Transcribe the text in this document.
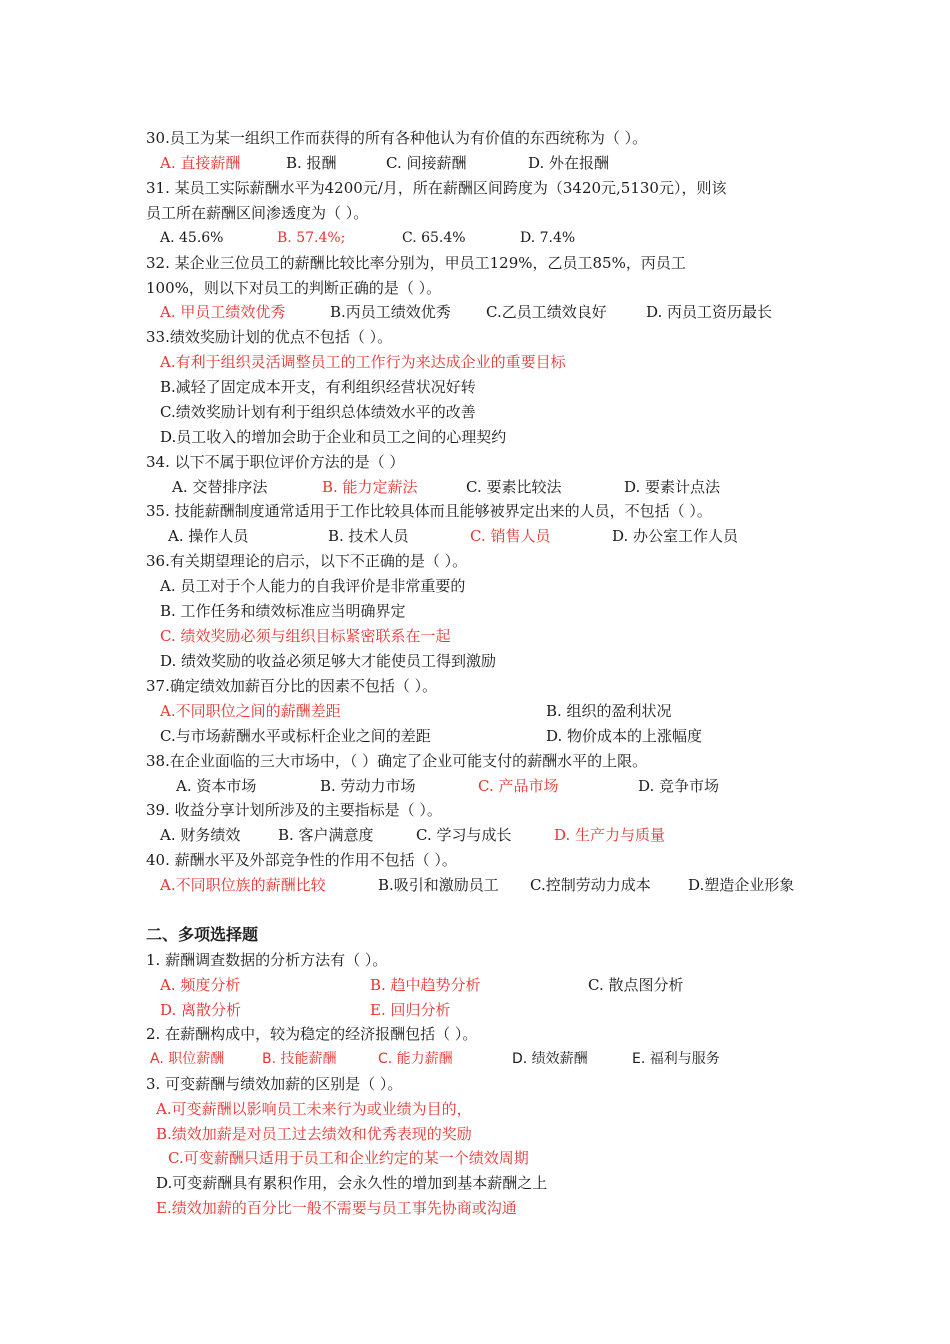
30.员工为某一组织工作而获得的所有各种他认为有价值的东西统称为（ ）。
A. 直接薪酬	B. 报酬	C. 间接薪酬	D. 外在报酬
31. 某员工实际薪酬水平为4200元/月，所在薪酬区间跨度为（3420元,5130元），则该
员工所在薪酬区间渗透度为（ ）。
A. 45.6%	B. 57.4%;	C. 65.4%	D. 7.4%
32. 某企业三位员工的薪酬比较比率分别为，甲员工129%，乙员工85%，丙员工
100%，则以下对员工的判断正确的是（ ）。
A. 甲员工绩效优秀	B.丙员工绩效优秀 C.乙员工绩效良好	D. 丙员工资历最长
33.绩效奖励计划的优点不包括（ ）。
A.有利于组织灵活调整员工的工作行为来达成企业的重要目标
B.减轻了固定成本开支，有利组织经营状况好转
C.绩效奖励计划有利于组织总体绩效水平的改善
D.员工收入的增加会助于企业和员工之间的心理契约
34. 以下不属于职位评价方法的是（ ）
A. 交替排序法	B. 能力定薪法	C. 要素比较法	D. 要素计点法
35. 技能薪酬制度通常适用于工作比较具体而且能够被界定出来的人员，不包括（ ）。
A. 操作人员	B. 技术人员	C. 销售人员	D. 办公室工作人员
36.有关期望理论的启示，以下不正确的是（ ）。
A. 员工对于个人能力的自我评价是非常重要的
B. 工作任务和绩效标准应当明确界定
C. 绩效奖励必须与组织目标紧密联系在一起
D. 绩效奖励的收益必须足够大才能使员工得到激励
37.确定绩效加薪百分比的因素不包括（ ）。
A.不同职位之间的薪酬差距	B. 组织的盈利状况
C.与市场薪酬水平或标杆企业之间的差距	D. 物价成本的上涨幅度
38.在企业面临的三大市场中，（ ）确定了企业可能支付的薪酬水平的上限。
A. 资本市场	B. 劳动力市场	C. 产品市场	D. 竞争市场
39. 收益分享计划所涉及的主要指标是（ ）。
A. 财务绩效	B. 客户满意度	C. 学习与成长	D. 生产力与质量
40. 薪酬水平及外部竞争性的作用不包括（ ）。
A.不同职位族的薪酬比较	B.吸引和激励员工 C.控制劳动力成本 D.塑造企业形象
二、多项选择题
1. 薪酬调查数据的分析方法有（ ）。
A. 频度分析	B. 趋中趋势分析	C. 散点图分析
D. 离散分析	E. 回归分析
2. 在薪酬构成中，较为稳定的经济报酬包括（ ）。
A. 职位薪酬	B. 技能薪酬	C. 能力薪酬	D. 绩效薪酬	E. 福利与服务
3. 可变薪酬与绩效加薪的区别是（ ）。
A.可变薪酬以影响员工未来行为或业绩为目的，
B.绩效加薪是对员工过去绩效和优秀表现的奖励
C.可变薪酬只适用于员工和企业约定的某一个绩效周期
D.可变薪酬具有累积作用，会永久性的增加到基本薪酬之上
E.绩效加薪的百分比一般不需要与员工事先协商或沟通
